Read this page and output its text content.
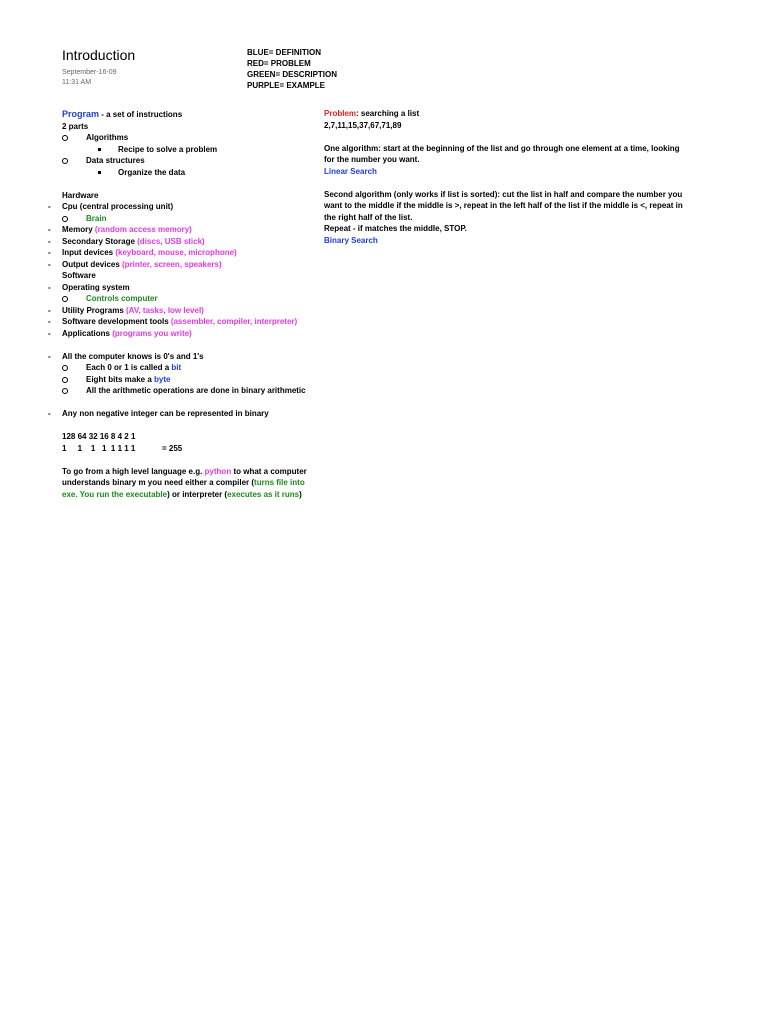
Introduction
September-16-09
11:31 AM
BLUE= DEFINITION
RED= PROBLEM
GREEN= DESCRIPTION
PURPLE= EXAMPLE
Program - a set of instructions
2 parts
Algorithms
Recipe to solve a problem
Data structures
Organize the data
Hardware
- Cpu (central processing unit)
Brain
- Memory (random access memory)
- Secondary Storage (discs, USB stick)
- Input devices (keyboard, mouse, microphone)
- Output devices (printer, screen, speakers)
Software
- Operating system
Controls computer
- Utility Programs (AV, tasks, low level)
- Software development tools (assembler, compiler, interpreter)
- Applications (programs you write)
- All the computer knows is 0's and 1's
Each 0 or 1 is called a bit
Eight bits make a byte
All the arithmetic operations are done in binary arithmetic
- Any non negative integer can be represented in binary
128 64 32 16 8 4 2 1
1     1    1   1  1 1 1 1	= 255
To go from a high level language e.g. python to what a computer understands binary m you need either a compiler (turns file into exe. You run the executable) or interpreter (executes as it runs)
Problem: searching a list
2,7,11,15,37,67,71,89
One algorithm: start at the beginning of the list and go through one element at a time, looking for the number you want.
Linear Search
Second algorithm (only works if list is sorted): cut the list in half and compare the number you want to the middle if the middle is >, repeat in the left half of the list if the middle is <, repeat in the right half of the list.
Repeat - if matches the middle, STOP.
Binary Search
